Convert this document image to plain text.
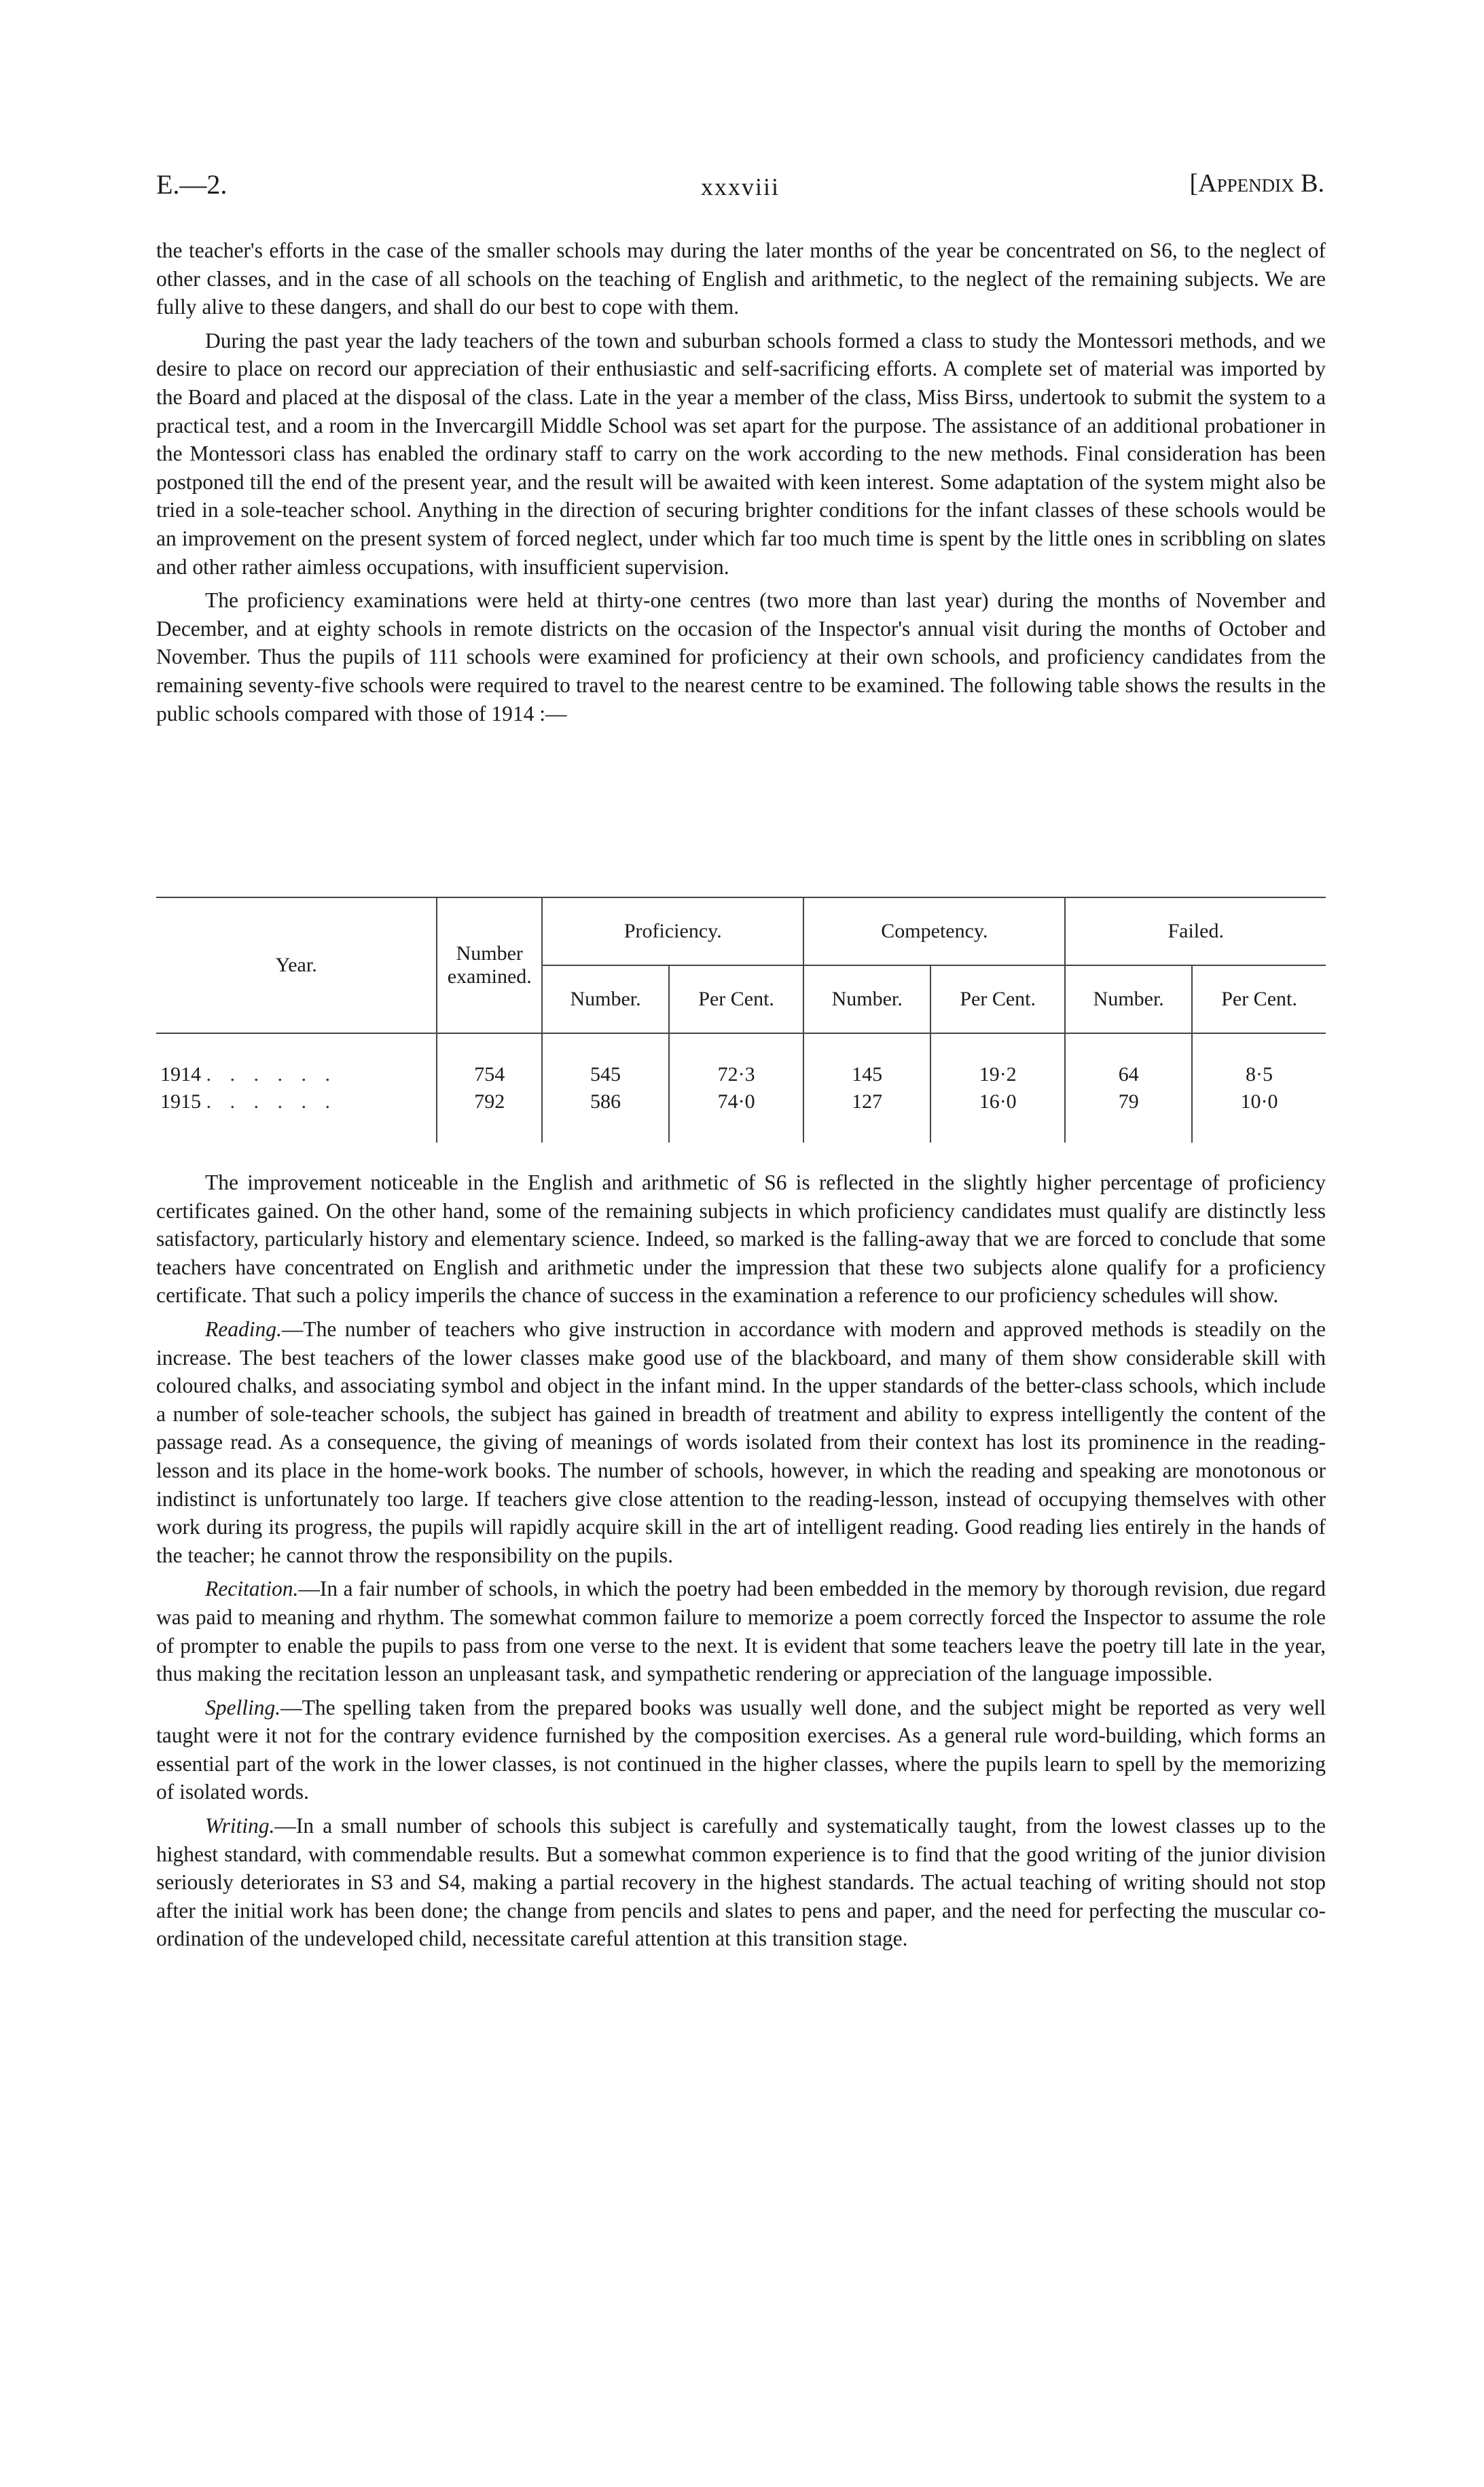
E.—2.	xxxviii	[Appendix B.

the teacher's efforts in the case of the smaller schools may during the later months of the year be concentrated on S6, to the neglect of other classes, and in the case of all schools on the teaching of English and arithmetic, to the neglect of the remaining subjects. We are fully alive to these dangers, and shall do our best to cope with them.

During the past year the lady teachers of the town and suburban schools formed a class to study the Montessori methods, and we desire to place on record our appreciation of their enthusiastic and self-sacrificing efforts. A complete set of material was imported by the Board and placed at the disposal of the class. Late in the year a member of the class, Miss Birss, undertook to submit the system to a practical test, and a room in the Invercargill Middle School was set apart for the purpose. The assistance of an additional probationer in the Montessori class has enabled the ordinary staff to carry on the work according to the new methods. Final consideration has been postponed till the end of the present year, and the result will be awaited with keen interest. Some adaptation of the system might also be tried in a sole-teacher school. Anything in the direction of securing brighter conditions for the infant classes of these schools would be an improvement on the present system of forced neglect, under which far too much time is spent by the little ones in scribbling on slates and other rather aimless occupations, with insufficient supervision.

The proficiency examinations were held at thirty-one centres (two more than last year) during the months of November and December, and at eighty schools in remote districts on the occasion of the Inspector's annual visit during the months of October and November. Thus the pupils of 111 schools were examined for proficiency at their own schools, and proficiency candidates from the remaining seventy-five schools were required to travel to the nearest centre to be examined. The following table shows the results in the public schools compared with those of 1914 :—

Year.	Number examined.	Proficiency.		Competency.		Failed.	
		Number.	Per Cent.	Number.	Per Cent.	Number.	Per Cent.

1914 . . . . . .	754	545	72·3	145	19·2	64	8·5
1915 . . . . . .	792	586	74·0	127	16·0	79	10·0

The improvement noticeable in the English and arithmetic of S6 is reflected in the slightly higher percentage of proficiency certificates gained. On the other hand, some of the remaining subjects in which proficiency candidates must qualify are distinctly less satisfactory, particularly history and elementary science. Indeed, so marked is the falling-away that we are forced to conclude that some teachers have concentrated on English and arithmetic under the impression that these two subjects alone qualify for a proficiency certificate. That such a policy imperils the chance of success in the examination a reference to our proficiency schedules will show.

Reading.—The number of teachers who give instruction in accordance with modern and approved methods is steadily on the increase. The best teachers of the lower classes make good use of the blackboard, and many of them show considerable skill with coloured chalks, and associating symbol and object in the infant mind. In the upper standards of the better-class schools, which include a number of sole-teacher schools, the subject has gained in breadth of treatment and ability to express intelligently the content of the passage read. As a consequence, the giving of meanings of words isolated from their context has lost its prominence in the reading-lesson and its place in the home-work books. The number of schools, however, in which the reading and speaking are monotonous or indistinct is unfortunately too large. If teachers give close attention to the reading-lesson, instead of occupying themselves with other work during its progress, the pupils will rapidly acquire skill in the art of intelligent reading. Good reading lies entirely in the hands of the teacher; he cannot throw the responsibility on the pupils.

Recitation.—In a fair number of schools, in which the poetry had been embedded in the memory by thorough revision, due regard was paid to meaning and rhythm. The somewhat common failure to memorize a poem correctly forced the Inspector to assume the role of prompter to enable the pupils to pass from one verse to the next. It is evident that some teachers leave the poetry till late in the year, thus making the recitation lesson an unpleasant task, and sympathetic rendering or appreciation of the language impossible.

Spelling.—The spelling taken from the prepared books was usually well done, and the subject might be reported as very well taught were it not for the contrary evidence furnished by the composition exercises. As a general rule word-building, which forms an essential part of the work in the lower classes, is not continued in the higher classes, where the pupils learn to spell by the memorizing of isolated words.

Writing.—In a small number of schools this subject is carefully and systematically taught, from the lowest classes up to the highest standard, with commendable results. But a somewhat common experience is to find that the good writing of the junior division seriously deteriorates in S3 and S4, making a partial recovery in the highest standards. The actual teaching of writing should not stop after the initial work has been done; the change from pencils and slates to pens and paper, and the need for perfecting the muscular co-ordination of the undeveloped child, necessitate careful attention at this transition stage.
